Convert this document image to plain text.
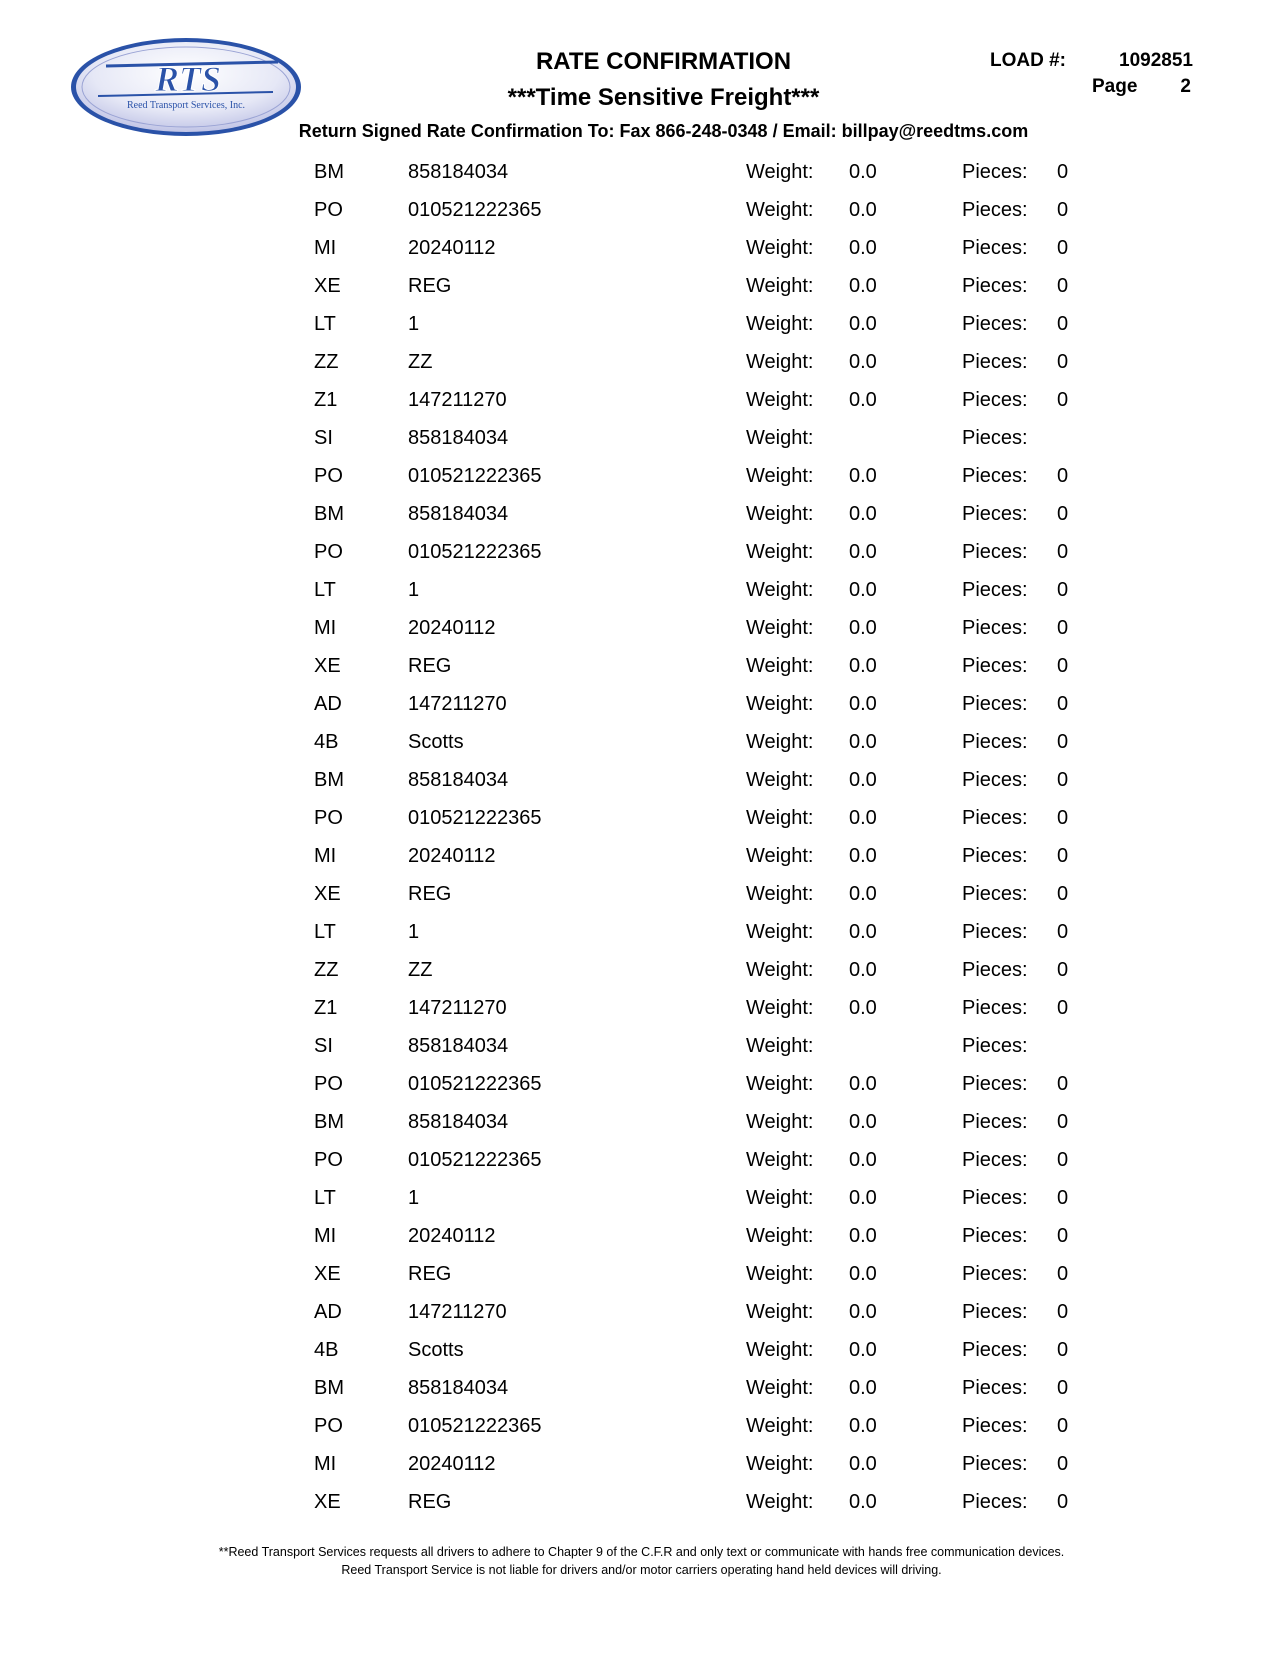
RTS
Reed Transport Services, Inc.
RATE CONFIRMATION
***Time Sensitive Freight***
Return Signed Rate Confirmation To: Fax 866-248-0348 / Email: billpay@reedtms.com
LOAD #:	1092851
Page 2
BM	858184034	Weight: 0.0	Pieces: 0
PO	010521222365	Weight: 0.0	Pieces: 0
MI	20240112	Weight: 0.0	Pieces: 0
XE	REG	Weight: 0.0	Pieces: 0
LT	1	Weight: 0.0	Pieces: 0
ZZ	ZZ	Weight: 0.0	Pieces: 0
Z1	147211270	Weight: 0.0	Pieces: 0
SI	858184034	Weight:	Pieces:
PO	010521222365	Weight: 0.0	Pieces: 0
BM	858184034	Weight: 0.0	Pieces: 0
PO	010521222365	Weight: 0.0	Pieces: 0
LT	1	Weight: 0.0	Pieces: 0
MI	20240112	Weight: 0.0	Pieces: 0
XE	REG	Weight: 0.0	Pieces: 0
AD	147211270	Weight: 0.0	Pieces: 0
4B	Scotts	Weight: 0.0	Pieces: 0
BM	858184034	Weight: 0.0	Pieces: 0
PO	010521222365	Weight: 0.0	Pieces: 0
MI	20240112	Weight: 0.0	Pieces: 0
XE	REG	Weight: 0.0	Pieces: 0
LT	1	Weight: 0.0	Pieces: 0
ZZ	ZZ	Weight: 0.0	Pieces: 0
Z1	147211270	Weight: 0.0	Pieces: 0
SI	858184034	Weight:	Pieces:
PO	010521222365	Weight: 0.0	Pieces: 0
BM	858184034	Weight: 0.0	Pieces: 0
PO	010521222365	Weight: 0.0	Pieces: 0
LT	1	Weight: 0.0	Pieces: 0
MI	20240112	Weight: 0.0	Pieces: 0
XE	REG	Weight: 0.0	Pieces: 0
AD	147211270	Weight: 0.0	Pieces: 0
4B	Scotts	Weight: 0.0	Pieces: 0
BM	858184034	Weight: 0.0	Pieces: 0
PO	010521222365	Weight: 0.0	Pieces: 0
MI	20240112	Weight: 0.0	Pieces: 0
XE	REG	Weight: 0.0	Pieces: 0
**Reed Transport Services requests all drivers to adhere to Chapter 9 of the C.F.R and only text or communicate with hands free communication devices.
Reed Transport Service is not liable for drivers and/or motor carriers operating hand held devices will driving.
